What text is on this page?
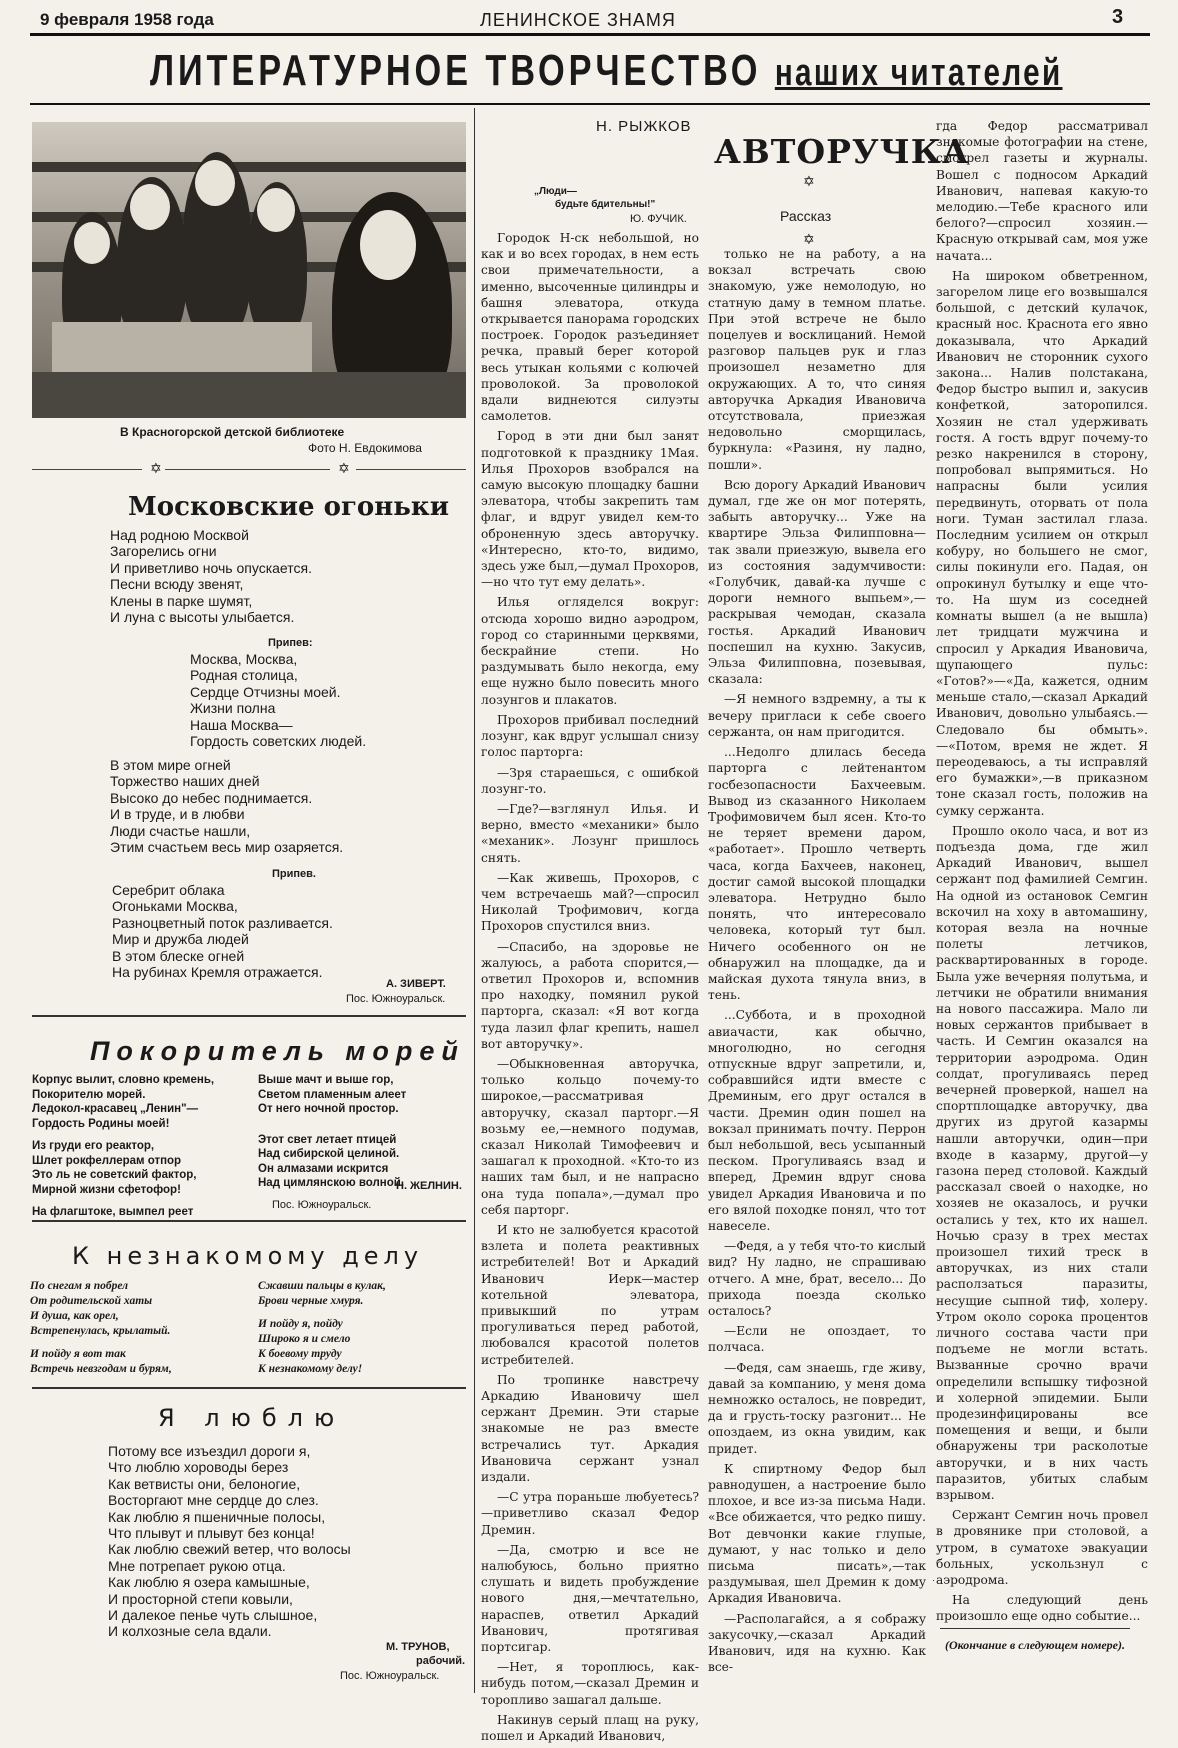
9 февраля 1958 года	ЛЕНИНСКОЕ ЗНАМЯ	3
ЛИТЕРАТУРНОЕ ТВОРЧЕСТВО наших читателей
В Красногорской детской библиотеке
Фото Н. Евдокимова
✡	✡
Московские огоньки
Над родною Москвой
Загорелись огни
И приветливо ночь опускается.
Песни всюду звенят,
Клены в парке шумят,
И луна с высоты улыбается.
Припев:
Москва, Москва,
Родная столица,
Сердце Отчизны моей.
Жизни полна
Наша Москва—
Гордость советских людей.
В этом мире огней
Торжество наших дней
Высоко до небес поднимается.
И в труде, и в любви
Люди счастье нашли,
Этим счастьем весь мир озаряется.
Припев.
Серебрит облака
Огоньками Москва,
Разноцветный поток разливается.
Мир и дружба людей
В этом блеске огней
На рубинах Кремля отражается.
А. ЗИВЕРТ.
Пос. Южноуральск.
Покоритель морей
Корпус вылит, словно кремень,
Покорителю морей.
Ледокол-красавец „Ленин"—
Гордость Родины моей!
Из груди его реактор,
Шлет рокфеллерам отпор
Это ль не советский фактор,
Мирной жизни сфетофор!
На флагштоке, вымпел реет
Выше мачт и выше гор,
Светом пламенным алеет
От него ночной простор.
Этот свет летает птицей
Над сибирской целиной.
Он алмазами искрится
Над цимлянскою волной.
Н. ЖЕЛНИН.
Пос. Южноуральск.
К незнакомому делу
По снегам я побрел
От родительской хаты
И душа, как орел,
Встрепенулась, крылатый.
И пойду я вот так
Встречь невзгодам и бурям,
Сжавши пальцы в кулак,
Брови черные хмуря.
И пойду я, пойду
Широко я и смело
К боевому труду
К незнакомому делу!
Я люблю
Потому все изъездил дороги я,
Что люблю хороводы берез
Как ветвисты они, белоногие,
Восторгают мне сердце до слез.
Как люблю я пшеничные полосы,
Что плывут и плывут без конца!
Как люблю свежий ветер, что волосы
Мне потрепает рукою отца.
Как люблю я озера камышные,
И просторной степи ковыли,
И далекое пенье чуть слышное,
И колхозные села вдали.
М. ТРУНОВ,
рабочий.
Пос. Южноуральск.
Н. РЫЖКОВ
АВТОРУЧКА
„Люди—
будьте бдительны!"
Ю. ФУЧИК.
✡
Рассказ
✡

Городок Н-ск небольшой, но как и во всех городах, в нем есть свои примечательности, а именно, высоченные цилиндры и башня элеватора, откуда открывается панорама городских построек. Городок разъединяет речка, правый берег которой весь утыкан кольями с колючей проволокой. За проволокой вдали виднеются силуэты самолетов.

Город в эти дни был занят подготовкой к празднику 1Мая. Илья Прохоров взобрался на самую высокую площадку башни элеватора, чтобы закрепить там флаг, и вдруг увидел кем-то оброненную здесь авторучку. «Интересно, кто-то, видимо, здесь уже был,—думал Прохоров,—но что тут ему делать».

Илья огляделся вокруг: отсюда хорошо видно аэродром, город со старинными церквями, бескрайние степи. Но раздумывать было некогда, ему еще нужно было повесить много лозунгов и плакатов.

Прохоров прибивал последний лозунг, как вдруг услышал снизу голос парторга:

—Зря стараешься, с ошибкой лозунг-то.

—Где?—взглянул Илья. И верно, вместо «механики» было «механик». Лозунг пришлось снять.

—Как живешь, Прохоров, с чем встречаешь май?—спросил Николай Трофимович, когда Прохоров спустился вниз.

—Спасибо, на здоровье не жалуюсь, а работа спорится,—ответил Прохоров и, вспомнив про находку, помянил рукой парторга, сказал: «Я вот когда туда лазил флаг крепить, нашел вот авторучку».

—Обыкновенная авторучка, только кольцо почему-то широкое,—рассматривая авторучку, сказал парторг.—Я возьму ее,—немного подумав, сказал Николай Тимофеевич и зашагал к проходной. «Кто-то из наших там был, и не напрасно она туда попала»,—думал про себя парторг.

И кто не залюбуется красотой взлета и полета реактивных истребителей! Вот и Аркадий Иванович Иерк—мастер котельной элеватора, привыкший по утрам прогуливаться перед работой, любовался красотой полетов истребителей.

По тропинке навстречу Аркадию Ивановичу шел сержант Дремин. Эти старые знакомые не раз вместе встречались тут. Аркадия Ивановича сержант узнал издали.

—С утра пораньше любуетесь?—приветливо сказал Федор Дремин.

—Да, смотрю и все не налюбуюсь, больно приятно слушать и видеть пробуждение нового дня,—мечтательно, нараспев, ответил Аркадий Иванович, протягивая портсигар.

—Нет, я тороплюсь, как-нибудь потом,—сказал Дремин и торопливо зашагал дальше.

Накинув серый плащ на руку, пошел и Аркадий Иванович,

только не на работу, а на вокзал встречать свою знакомую, уже немолодую, но статную даму в темном платье. При этой встрече не было поцелуев и восклицаний. Немой разговор пальцев рук и глаз произошел незаметно для окружающих. А то, что синяя авторучка Аркадия Ивановича отсутствовала, приезжая недовольно сморщилась, буркнула: «Разиня, ну ладно, пошли».

Всю дорогу Аркадий Иванович думал, где же он мог потерять, забыть авторучку... Уже на квартире Эльза Филипповна—так звали приезжую, вывела его из состояния задумчивости: «Голубчик, давай-ка лучше с дороги немного выпьем»,—раскрывая чемодан, сказала гостья. Аркадий Иванович поспешил на кухню. Закусив, Эльза Филипповна, позевывая, сказала:

—Я немного вздремну, а ты к вечеру пригласи к себе своего сержанта, он нам пригодится.

...Недолго длилась беседа парторга с лейтенантом госбезопасности Бахчеевым. Вывод из сказанного Николаем Трофимовичем был ясен. Кто-то не теряет времени даром, «работает». Прошло четверть часа, когда Бахчеев, наконец, достиг самой высокой площадки элеватора. Нетрудно было понять, что интересовало человека, который тут был. Ничего особенного он не обнаружил на площадке, да и майская духота тянула вниз, в тень.

...Суббота, и в проходной авиачасти, как обычно, многолюдно, но сегодня отпускные вдруг запретили, и, собравшийся идти вместе с Дреминым, его друг остался в части. Дремин один пошел на вокзал принимать почту. Перрон был небольшой, весь усыпанный песком. Прогуливаясь взад и вперед, Дремин вдруг снова увидел Аркадия Ивановича и по его вялой походке понял, что тот навеселе.

—Федя, а у тебя что-то кислый вид? Ну ладно, не спрашиваю отчего. А мне, брат, весело... До прихода поезда сколько осталось?

—Если не опоздает, то полчаса.

—Федя, сам знаешь, где живу, давай за компанию, у меня дома немножко осталось, не повредит, да и грусть-тоску разгонит... Не опоздаем, из окна увидим, как придет.

К спиртному Федор был равнодушен, а настроение было плохое, и все из-за письма Нади. «Все обижается, что редко пишу. Вот девчонки какие глупые, думают, у нас только и дело письма писать»,—так раздумывая, шел Дремин к дому Аркадия Ивановича.

—Располагайся, а я сображу закусочку,—сказал Аркадий Иванович, идя на кухню. Как все-

гда Федор рассматривал знакомые фотографии на стене, смотрел газеты и журналы. Вошел с подносом Аркадий Иванович, напевая какую-то мелодию.—Тебе красного или белого?—спросил хозяин.—Красную открывай сам, моя уже начата...

На широком обветренном, загорелом лице его возвышался большой, с детский кулачок, красный нос. Краснота его явно доказывала, что Аркадий Иванович не сторонник сухого закона... Налив полстакана, Федор быстро выпил и, закусив конфеткой, заторопился. Хозяин не стал удерживать гостя. А гость вдруг почему-то резко накренился в сторону, попробовал выпрямиться. Но напрасны были усилия передвинуть, оторвать от пола ноги. Туман застилал глаза. Последним усилием он открыл кобуру, но большего не смог, силы покинули его. Падая, он опрокинул бутылку и еще что-то. На шум из соседней комнаты вышел (а не вышла) лет тридцати мужчина и спросил у Аркадия Ивановича, щупающего пульс: «Готов?»—«Да, кажется, одним меньше стало,—сказал Аркадий Иванович, довольно улыбаясь.—Следовало бы обмыть».—«Потом, время не ждет. Я переодеваюсь, а ты исправляй его бумажки»,—в приказном тоне сказал гость, положив на сумку сержанта.

Прошло около часа, и вот из подъезда дома, где жил Аркадий Иванович, вышел сержант под фамилией Семгин. На одной из остановок Семгин вскочил на хоху в автомашину, которая везла на ночные полеты летчиков, расквартированных в городе. Была уже вечерняя полутьма, и летчики не обратили внимания на нового пассажира. Мало ли новых сержантов прибывает в часть. И Семгин оказался на территории аэродрома. Один солдат, прогуливаясь перед вечерней проверкой, нашел на спортплощадке авторучку, два других из другой казармы нашли авторучки, один—при входе в казарму, другой—у газона перед столовой. Каждый рассказал своей о находке, но хозяев не оказалось, и ручки остались у тех, кто их нашел. Ночью сразу в трех местах произошел тихий треск в авторучках, из них стали расползаться паразиты, несущие сыпной тиф, холеру. Утром около сорока процентов личного состава части при подъеме не могли встать. Вызванные срочно врачи определили вспышку тифозной и холерной эпидемии. Были продезинфицированы все помещения и вещи, и были обнаружены три расколотые авторучки, и в них часть паразитов, убитых слабым взрывом.

Сержант Семгин ночь провел в дровянике при столовой, а утром, в суматохе эвакуации больных, ускользнул с аэродрома.

На следующий день произошло еще одно событие...

(Окончание в следующем номере).
